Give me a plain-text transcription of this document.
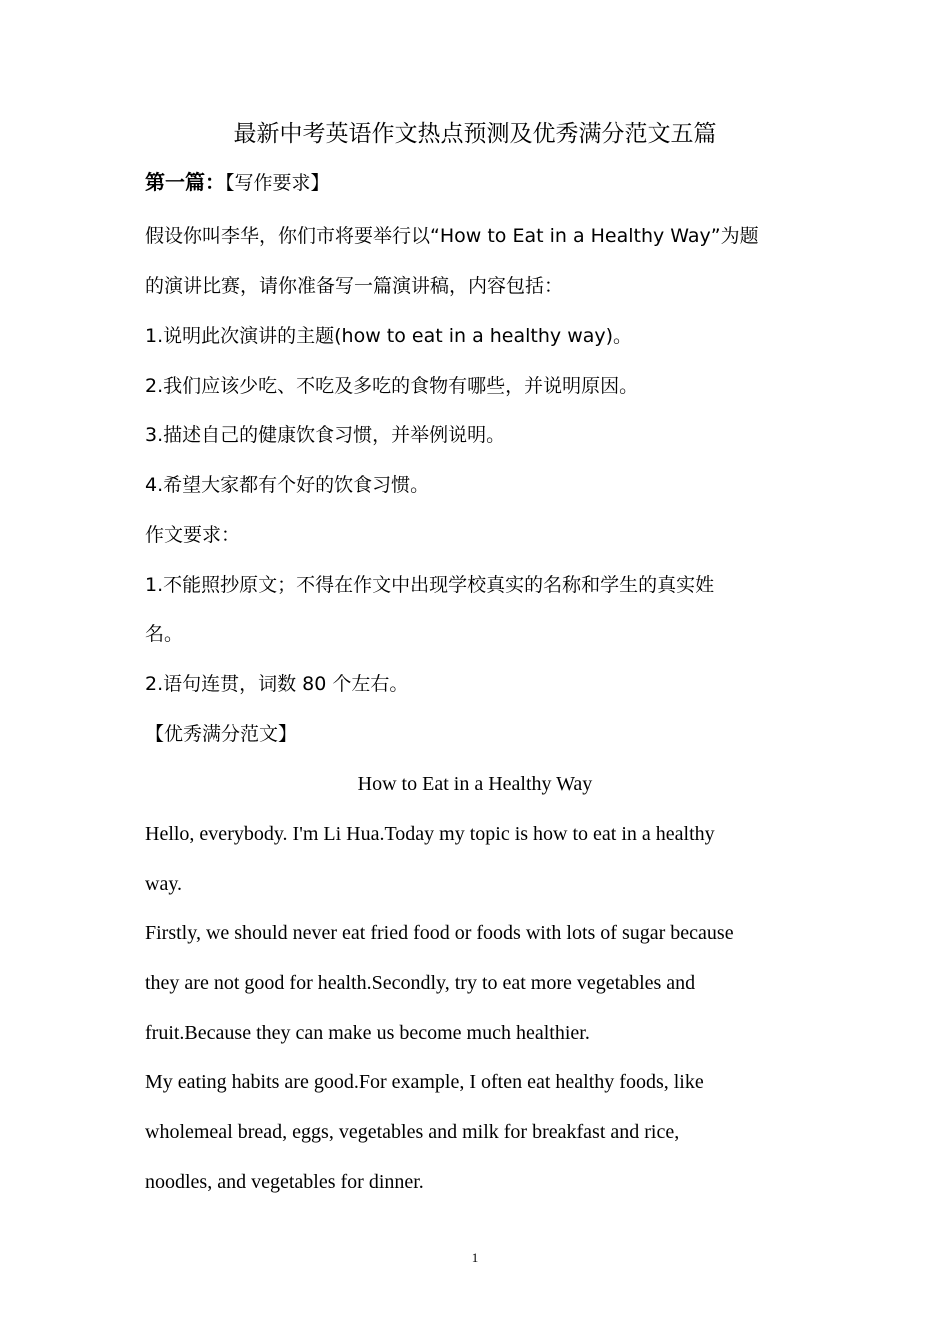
最新中考英语作文热点预测及优秀满分范文五篇
第一篇：【写作要求】
假设你叫李华，你们市将要举行以“How to Eat in a Healthy Way”为题
的演讲比赛，请你准备写一篇演讲稿，内容包括：
1.说明此次演讲的主题(how to eat in a healthy way)。
2.我们应该少吃、不吃及多吃的食物有哪些，并说明原因。
3.描述自己的健康饮食习惯，并举例说明。
4.希望大家都有个好的饮食习惯。
作文要求：
1.不能照抄原文；不得在作文中出现学校真实的名称和学生的真实姓
名。
2.语句连贯，词数 80 个左右。
【优秀满分范文】
How to Eat in a Healthy Way
Hello, everybody. I'm Li Hua.Today my topic is how to eat in a healthy
way.
Firstly, we should never eat fried food or foods with lots of sugar because
they are not good for health.Secondly, try to eat more vegetables and
fruit.Because they can make us become much healthier.
My eating habits are good.For example, I often eat healthy foods, like
wholemeal bread, eggs, vegetables and milk for breakfast and rice,
noodles, and vegetables for dinner.
1
